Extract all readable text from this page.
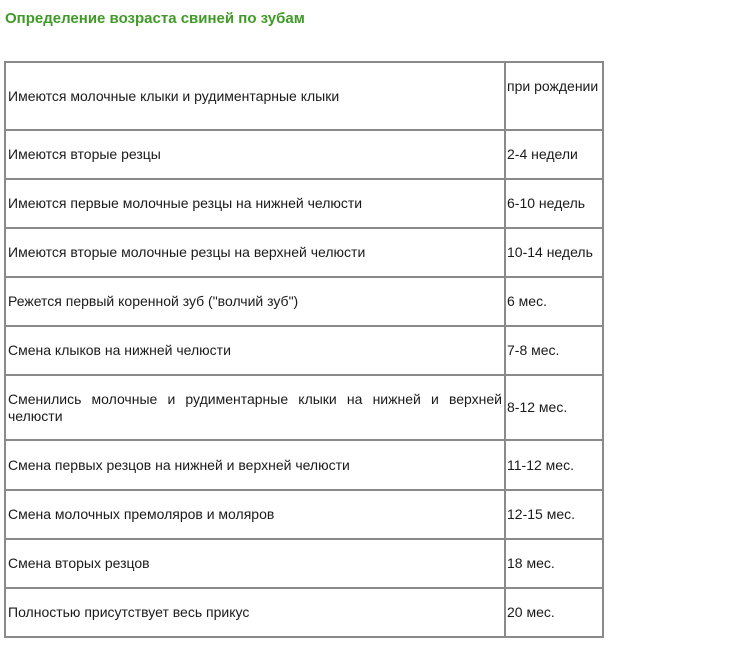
Определение возраста свиней по зубам
Имеются молочные клыки и рудиментарные клыки	при рождении
Имеются вторые резцы	2-4 недели
Имеются первые молочные резцы на нижней челюсти	6-10 недель
Имеются вторые молочные резцы на верхней челюсти	10-14 недель
Режется первый коренной зуб ("волчий зуб")	6 мес.
Смена клыков на нижней челюсти	7-8 мес.
Сменились молочные и рудиментарные клыки на нижней и верхней челюсти	8-12 мес.
Смена первых резцов на нижней и верхней челюсти	11-12 мес.
Смена молочных премоляров и моляров	12-15 мес.
Смена вторых резцов	18 мес.
Полностью присутствует весь прикус	20 мес.
